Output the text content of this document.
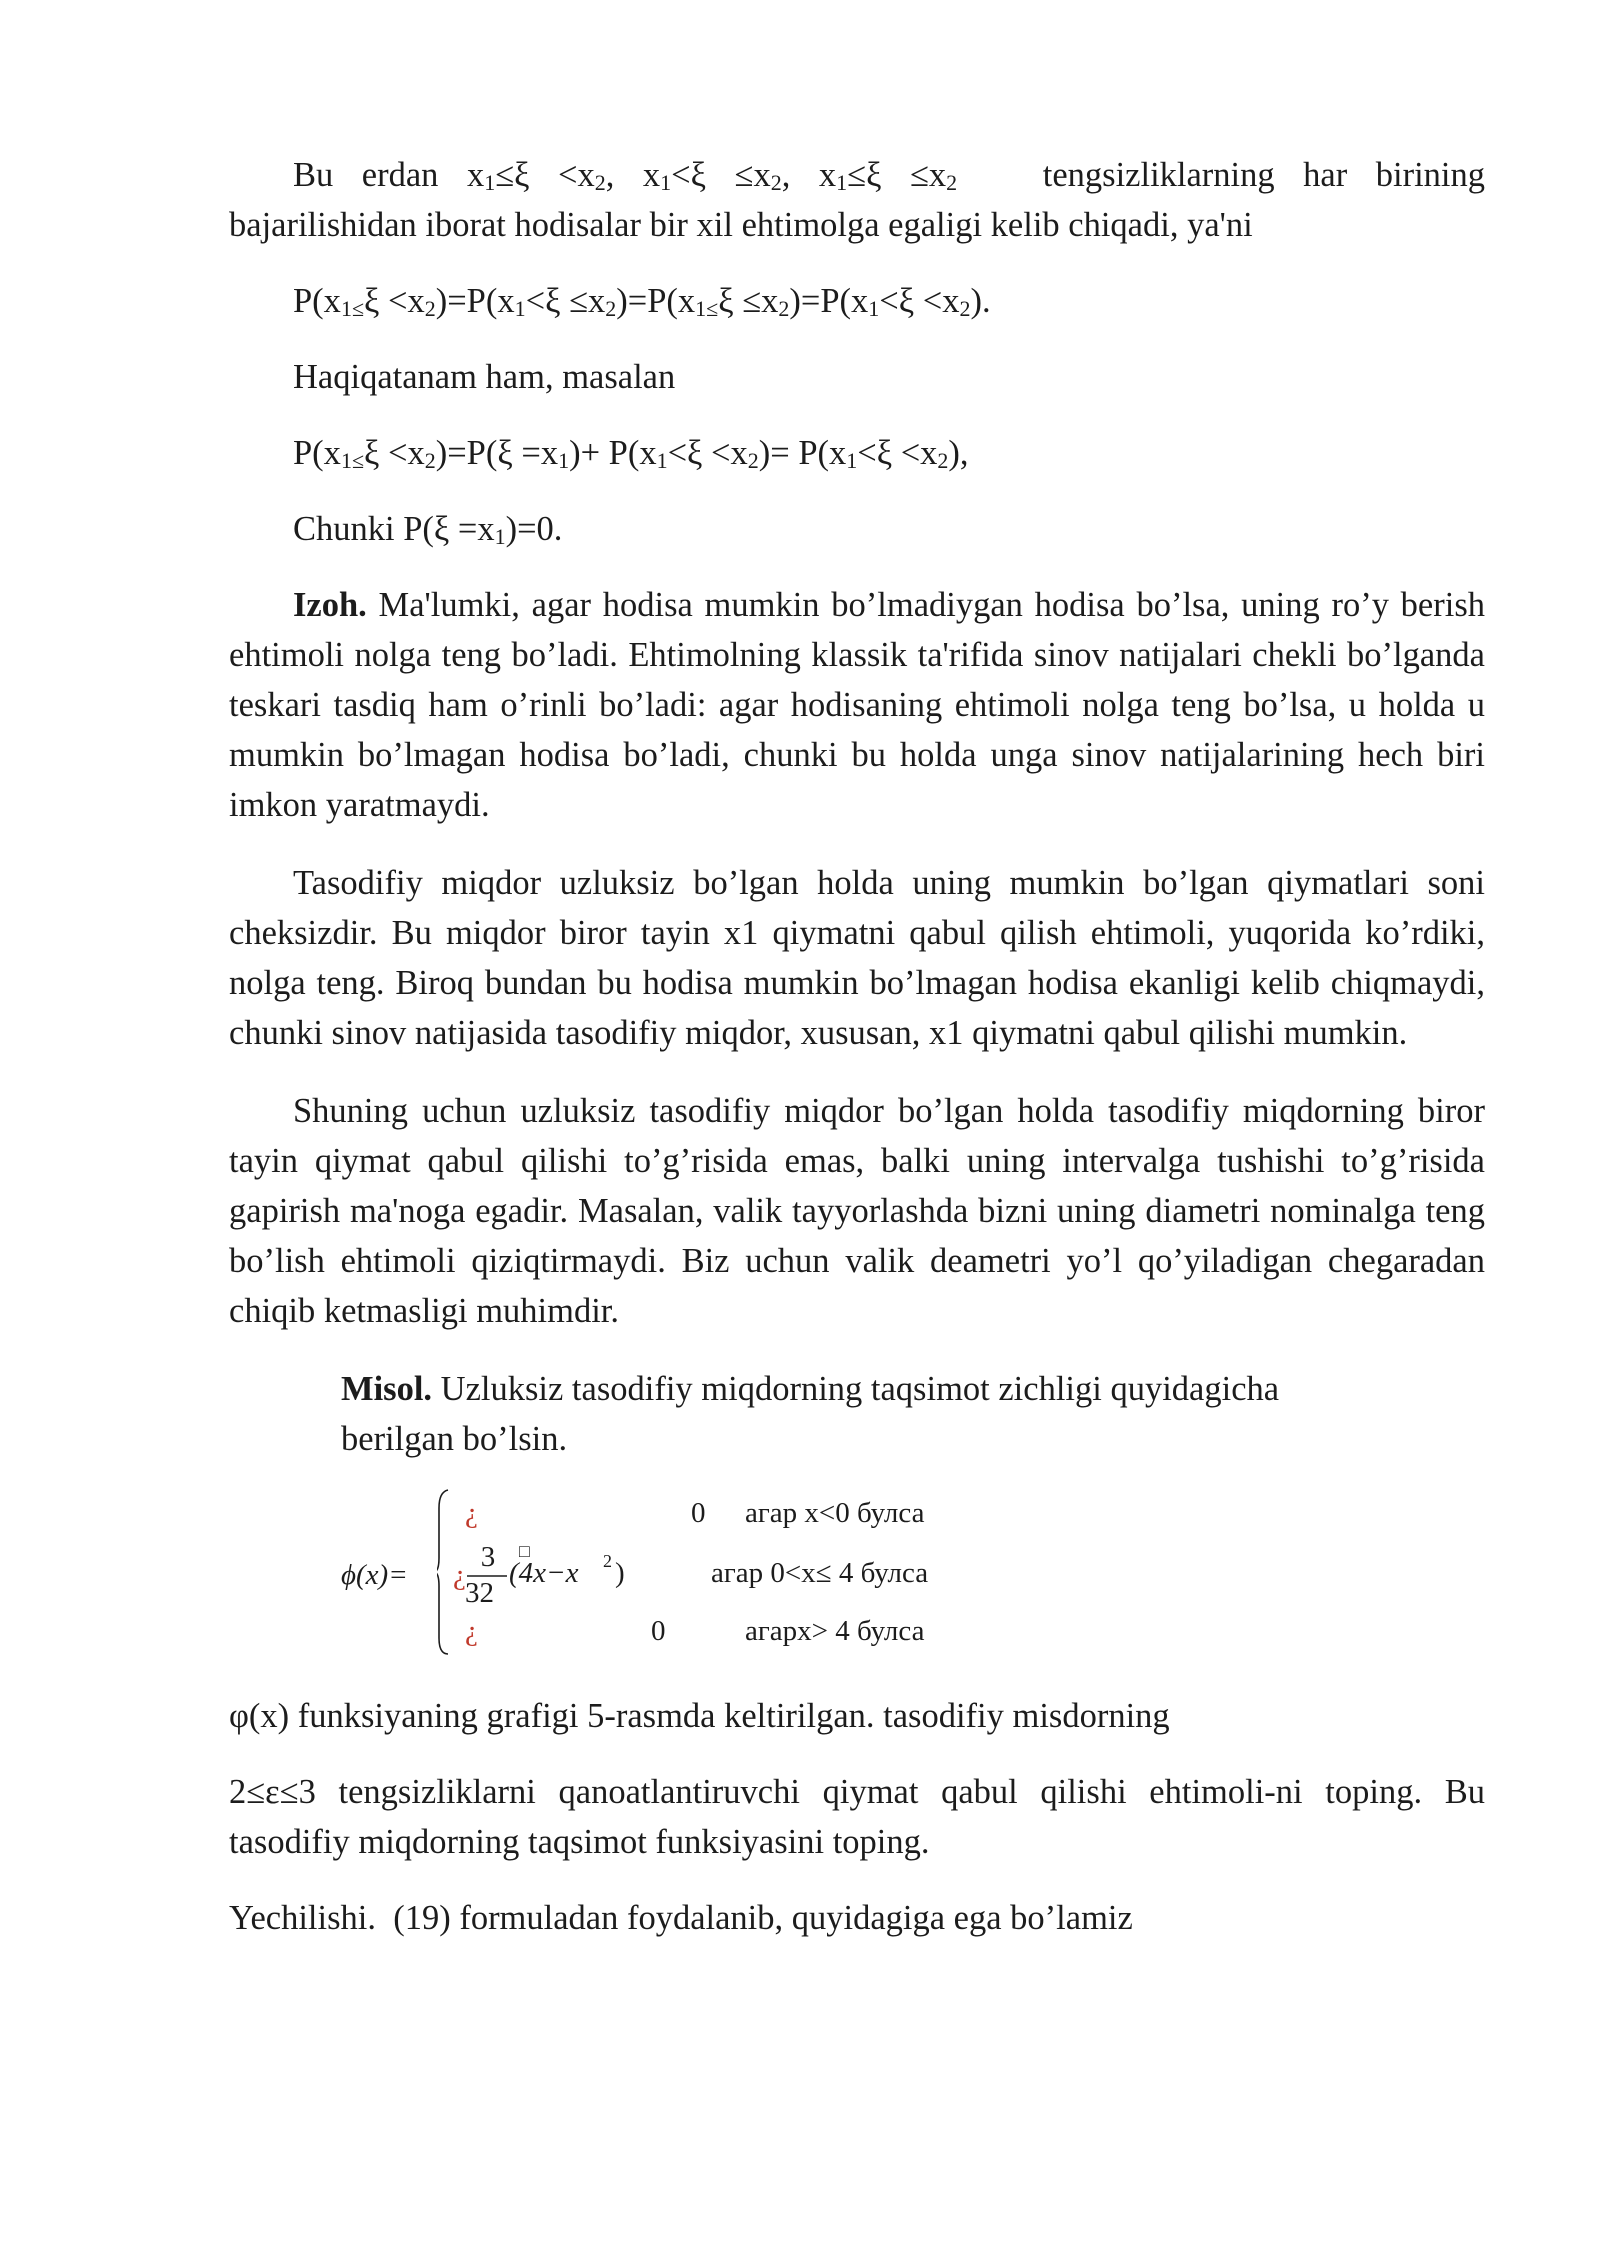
Bu erdan $x_1\le\xi <x_2$, $x_1<\xi \le x_2$, $x_1\le\xi \le x_2$   tengsizliklarning har birining

bajarilishidan iborat hodisalar bir xil ehtimolga egaligi kelib chiqadi, ya'ni

$P(x_{1\le}\xi <x_2)=P(x_1<\xi \le x_2)=P(x_{1\le}\xi \le x_2)=P(x_1<\xi <x_2)$.

Haqiqatanam ham, masalan

$P(x_{1\le}\xi <x_2)=P(\xi =x_1)+ P(x_1<\xi <x_2)= P(x_1<\xi <x_2)$,

Chunki $P(\xi =x_1)=0$.

Izoh. Ma'lumki, agar hodisa mumkin bo’lmadiygan hodisa bo’lsa, uning ro’y berish ehtimoli nolga teng bo’ladi. Ehtimolning klassik ta'rifida sinov natijalari chekli bo’lganda teskari tasdiq ham o’rinli bo’ladi: agar hodisaning ehtimoli nolga teng bo’lsa, u holda u mumkin bo’lmagan hodisa bo’ladi, chunki bu holda unga sinov natijalarining hech biri imkon yaratmaydi.

Tasodifiy miqdor uzluksiz bo’lgan holda uning mumkin bo’lgan qiymatlari soni cheksizdir. Bu miqdor biror tayin x1 qiymatni qabul qilish ehtimoli, yuqorida ko’rdiki, nolga teng. Biroq bundan bu hodisa mumkin bo’lmagan hodisa ekanligi kelib chiqmaydi, chunki sinov natijasida tasodifiy miqdor, xususan, x1 qiymatni qabul qilishi mumkin.

Shuning uchun uzluksiz tasodifiy miqdor bo’lgan holda tasodifiy miqdorning biror tayin qiymat qabul qilishi to’g’risida emas, balki uning intervalga tushishi to’g’risida gapirish ma'noga egadir. Masalan, valik tayyorlashda bizni uning diametri nominalga teng bo’lish ehtimoli qiziqtirmaydi. Biz uchun valik deametri yo’l qo’yiladigan chegaradan chiqib ketmasligi muhimdir.

Misol. Uzluksiz tasodifiy miqdorning taqsimot zichligi quyidagicha

berilgan bo’lsin.

ϕ(x)=
¿	0 агар x<0 булса
¿
3
32
□
(4x−x 2 )	агар 0<x≤ 4 булса
¿	0	агарx> 4 булса

φ(x) funksiyaning grafigi 5-rasmda keltirilgan. tasodifiy misdorning

2≤ε≤3 tengsizliklarni qanoatlantiruvchi qiymat qabul qilishi ehtimoli-ni toping. Bu tasodifiy miqdorning taqsimot funksiyasini toping.

Yechilishi.  (19) formuladan foydalanib, quyidagiga ega bo’lamiz
